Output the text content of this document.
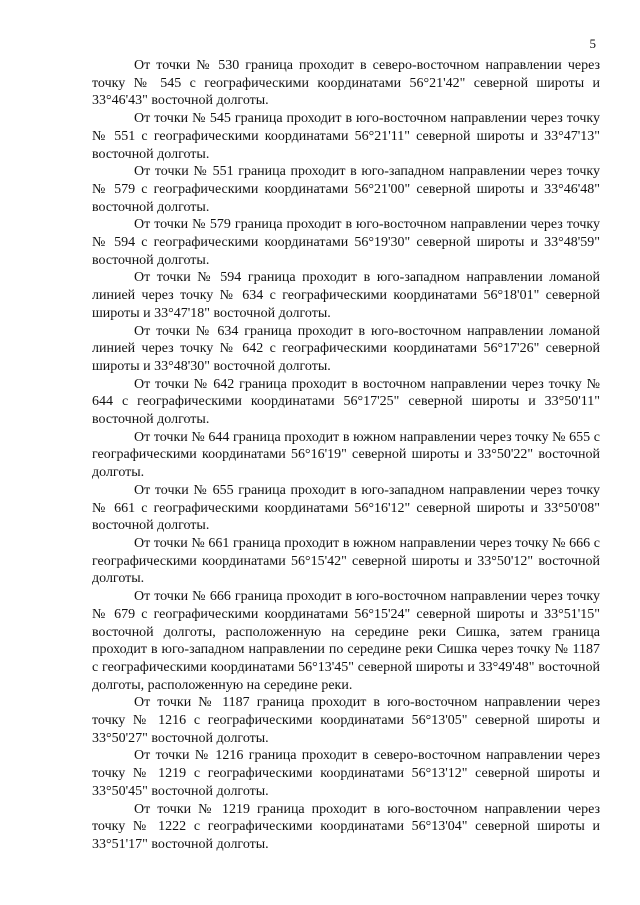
5

От точки № 530 граница проходит в северо-восточном направлении через точку № 545 с географическими координатами 56°21'42" северной широты и 33°46'43" восточной долготы.

От точки № 545 граница проходит в юго-восточном направлении через точку № 551 с географическими координатами 56°21'11" северной широты и 33°47'13" восточной долготы.

От точки № 551 граница проходит в юго-западном направлении через точку № 579 с географическими координатами 56°21'00" северной широты и 33°46'48" восточной долготы.

От точки № 579 граница проходит в юго-восточном направлении через точку № 594 с географическими координатами 56°19'30" северной широты и 33°48'59" восточной долготы.

От точки № 594 граница проходит в юго-западном направлении ломаной линией через точку № 634 с географическими координатами 56°18'01" северной широты и 33°47'18" восточной долготы.

От точки № 634 граница проходит в юго-восточном направлении ломаной линией через точку № 642 с географическими координатами 56°17'26" северной широты и 33°48'30" восточной долготы.

От точки № 642 граница проходит в восточном направлении через точку № 644 с географическими координатами 56°17'25" северной широты и 33°50'11" восточной долготы.

От точки № 644 граница проходит в южном направлении через точку № 655 с географическими координатами 56°16'19" северной широты и 33°50'22" восточной долготы.

От точки № 655 граница проходит в юго-западном направлении через точку № 661 с географическими координатами 56°16'12" северной широты и 33°50'08" восточной долготы.

От точки № 661 граница проходит в южном направлении через точку № 666 с географическими координатами 56°15'42" северной широты и 33°50'12" восточной долготы.

От точки № 666 граница проходит в юго-восточном направлении через точку № 679 с географическими координатами 56°15'24" северной широты и 33°51'15" восточной долготы, расположенную на середине реки Сишка, затем граница проходит в юго-западном направлении по середине реки Сишка через точку № 1187 с географическими координатами 56°13'45" северной широты и 33°49'48" восточной долготы, расположенную на середине реки.

От точки № 1187 граница проходит в юго-восточном направлении через точку № 1216 с географическими координатами 56°13'05" северной широты и 33°50'27" восточной долготы.

От точки № 1216 граница проходит в северо-восточном направлении через точку № 1219 с географическими координатами 56°13'12" северной широты и 33°50'45" восточной долготы.

От точки № 1219 граница проходит в юго-восточном направлении через точку № 1222 с географическими координатами 56°13'04" северной широты и 33°51'17" восточной долготы.
